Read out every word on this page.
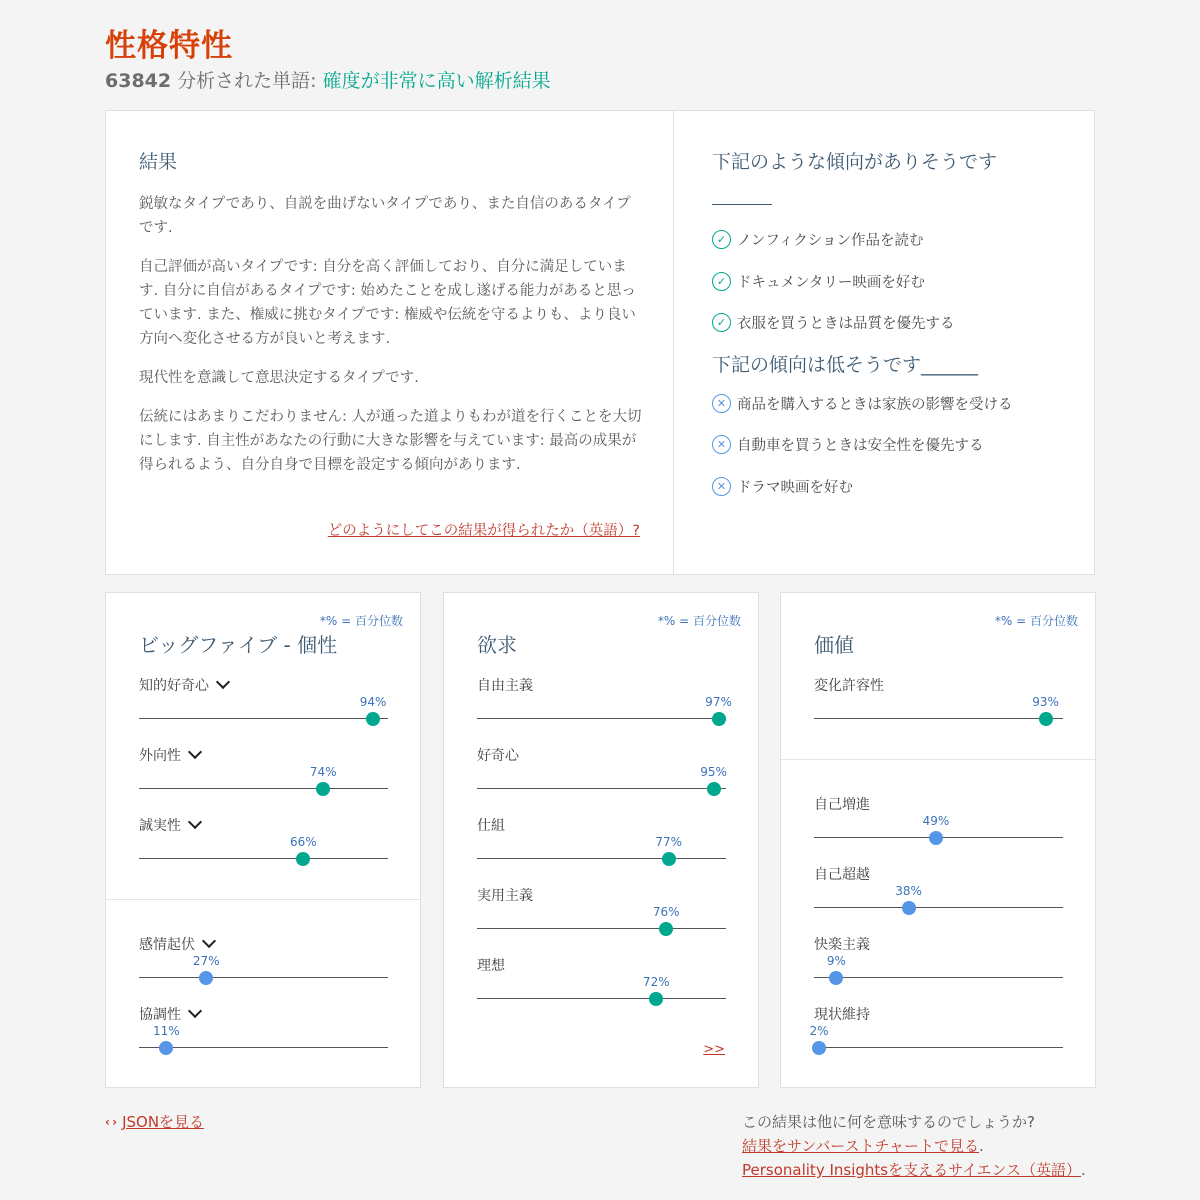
性格特性
63842 分析された単語: 確度が非常に高い解析結果
結果

鋭敏なタイプであり、自説を曲げないタイプであり、また自信のあるタイプです.

自己評価が高いタイプです: 自分を高く評価しており、自分に満足しています. 自分に自信があるタイプです: 始めたことを成し遂げる能力があると思っています. また、権威に挑むタイプです: 権威や伝統を守るよりも、より良い方向へ変化させる方が良いと考えます.

現代性を意識して意思決定するタイプです.

伝統にはあまりこだわりません: 人が通った道よりもわが道を行くことを大切にします. 自主性があなたの行動に大きな影響を与えています: 最高の成果が得られるよう、自分自身で目標を設定する傾向があります.

どのようにしてこの結果が得られたか（英語）?
下記のような傾向がありそうです
✓ ノンフィクション作品を読む
✓ ドキュメンタリー映画を好む
✓ 衣服を買うときは品質を優先する
下記の傾向は低そうです______
✕ 商品を購入するときは家族の影響を受ける
✕ 自動車を買うときは安全性を優先する
✕ ドラマ映画を好む
*% = 百分位数
ビッグファイブ - 個性
知的好奇心
94%
外向性
74%
誠実性
66%
感情起伏
27%
協調性
11%
*% = 百分位数
欲求
自由主義
97%
好奇心
95%
仕組
77%
実用主義
76%
理想
72%
>>
*% = 百分位数
価値
変化許容性
93%
自己増進
49%
自己超越
38%
快楽主義
9%
現状維持
2%
‹ › JSONを見る	この結果は他に何を意味するのでしょうか?
結果をサンバーストチャートで見る.
Personality Insightsを支えるサイエンス（英語）.
